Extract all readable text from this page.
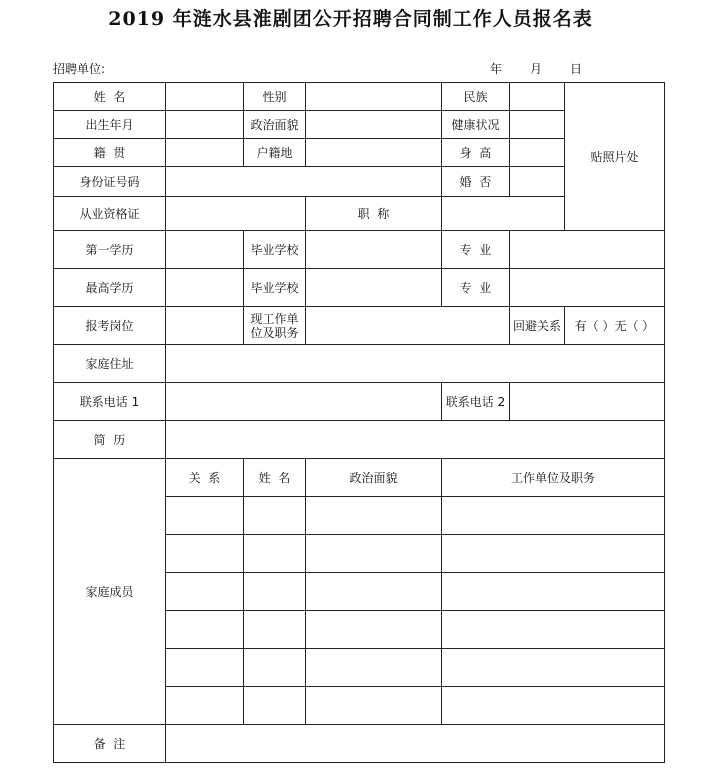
2019 年涟水县淮剧团公开招聘合同制工作人员报名表
招聘单位:	年 月 日
姓  名		性别		民族		贴照片处
出生年月		政治面貌		健康状况		
籍  贯		户籍地		身  高		
身份证号码				婚  否		
从业资格证			职  称			
第一学历		毕业学校		专  业		
最高学历		毕业学校		专  业		
报考岗位		现工作单位及职务			回避关系	有（ ）无（ ）
家庭住址						
联系电话 1				联系电话 2		
简  历						
家庭成员	关  系	姓  名	政治面貌	工作单位及职务		

备  注						
